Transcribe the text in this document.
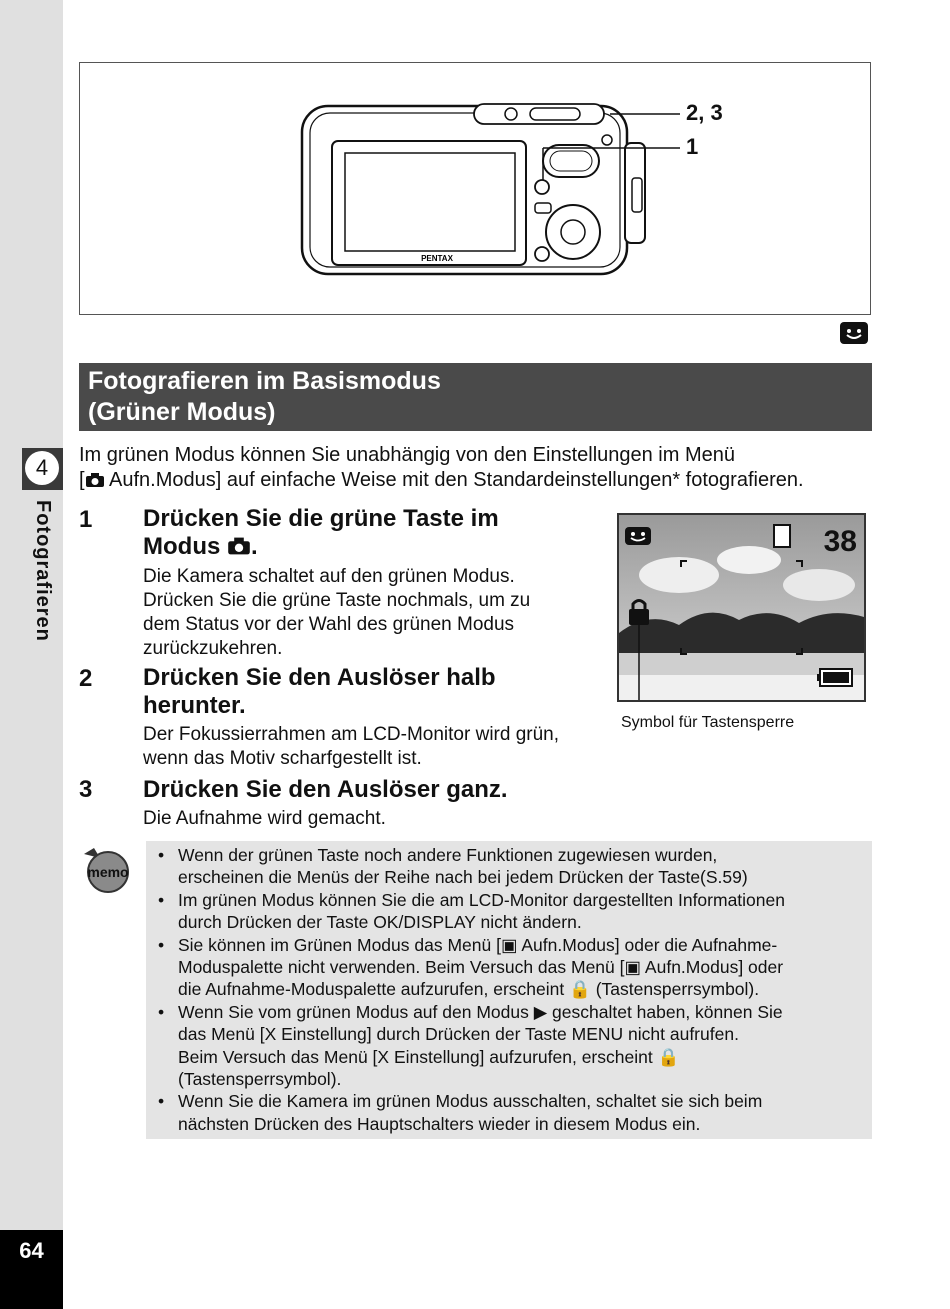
4
Fotografieren
64
PENTAX
2, 3
1
Fotografieren im Basismodus
(Grüner Modus)
Im grünen Modus können Sie unabhängig von den Einstellungen im Menü
[ Aufn.Modus] auf einfache Weise mit den Standardeinstellungen* fotografieren.
1 Drücken Sie die grüne Taste im
Modus .
Die Kamera schaltet auf den grünen Modus.
Drücken Sie die grüne Taste nochmals, um zu
dem Status vor der Wahl des grünen Modus
zurückzukehren.
2 Drücken Sie den Auslöser halb
herunter.
Der Fokussierrahmen am LCD-Monitor wird grün,
wenn das Motiv scharfgestellt ist.
3 Drücken Sie den Auslöser ganz.
Die Aufnahme wird gemacht.
38
Symbol für Tastensperre
memo
• Wenn der grünen Taste noch andere Funktionen zugewiesen wurden,
erscheinen die Menüs der Reihe nach bei jedem Drücken der Taste(S.59)
• Im grünen Modus können Sie die am LCD-Monitor dargestellten Informationen
durch Drücken der Taste OK/DISPLAY nicht ändern.
• Sie können im Grünen Modus das Menü [▣ Aufn.Modus] oder die Aufnahme-
Moduspalette nicht verwenden. Beim Versuch das Menü [▣ Aufn.Modus] oder
die Aufnahme-Moduspalette aufzurufen, erscheint 🔒 (Tastensperrsymbol).
• Wenn Sie vom grünen Modus auf den Modus ▶ geschaltet haben, können Sie
das Menü [X Einstellung] durch Drücken der Taste MENU nicht aufrufen.
Beim Versuch das Menü [X Einstellung] aufzurufen, erscheint 🔒
(Tastensperrsymbol).
• Wenn Sie die Kamera im grünen Modus ausschalten, schaltet sie sich beim
nächsten Drücken des Hauptschalters wieder in diesem Modus ein.
